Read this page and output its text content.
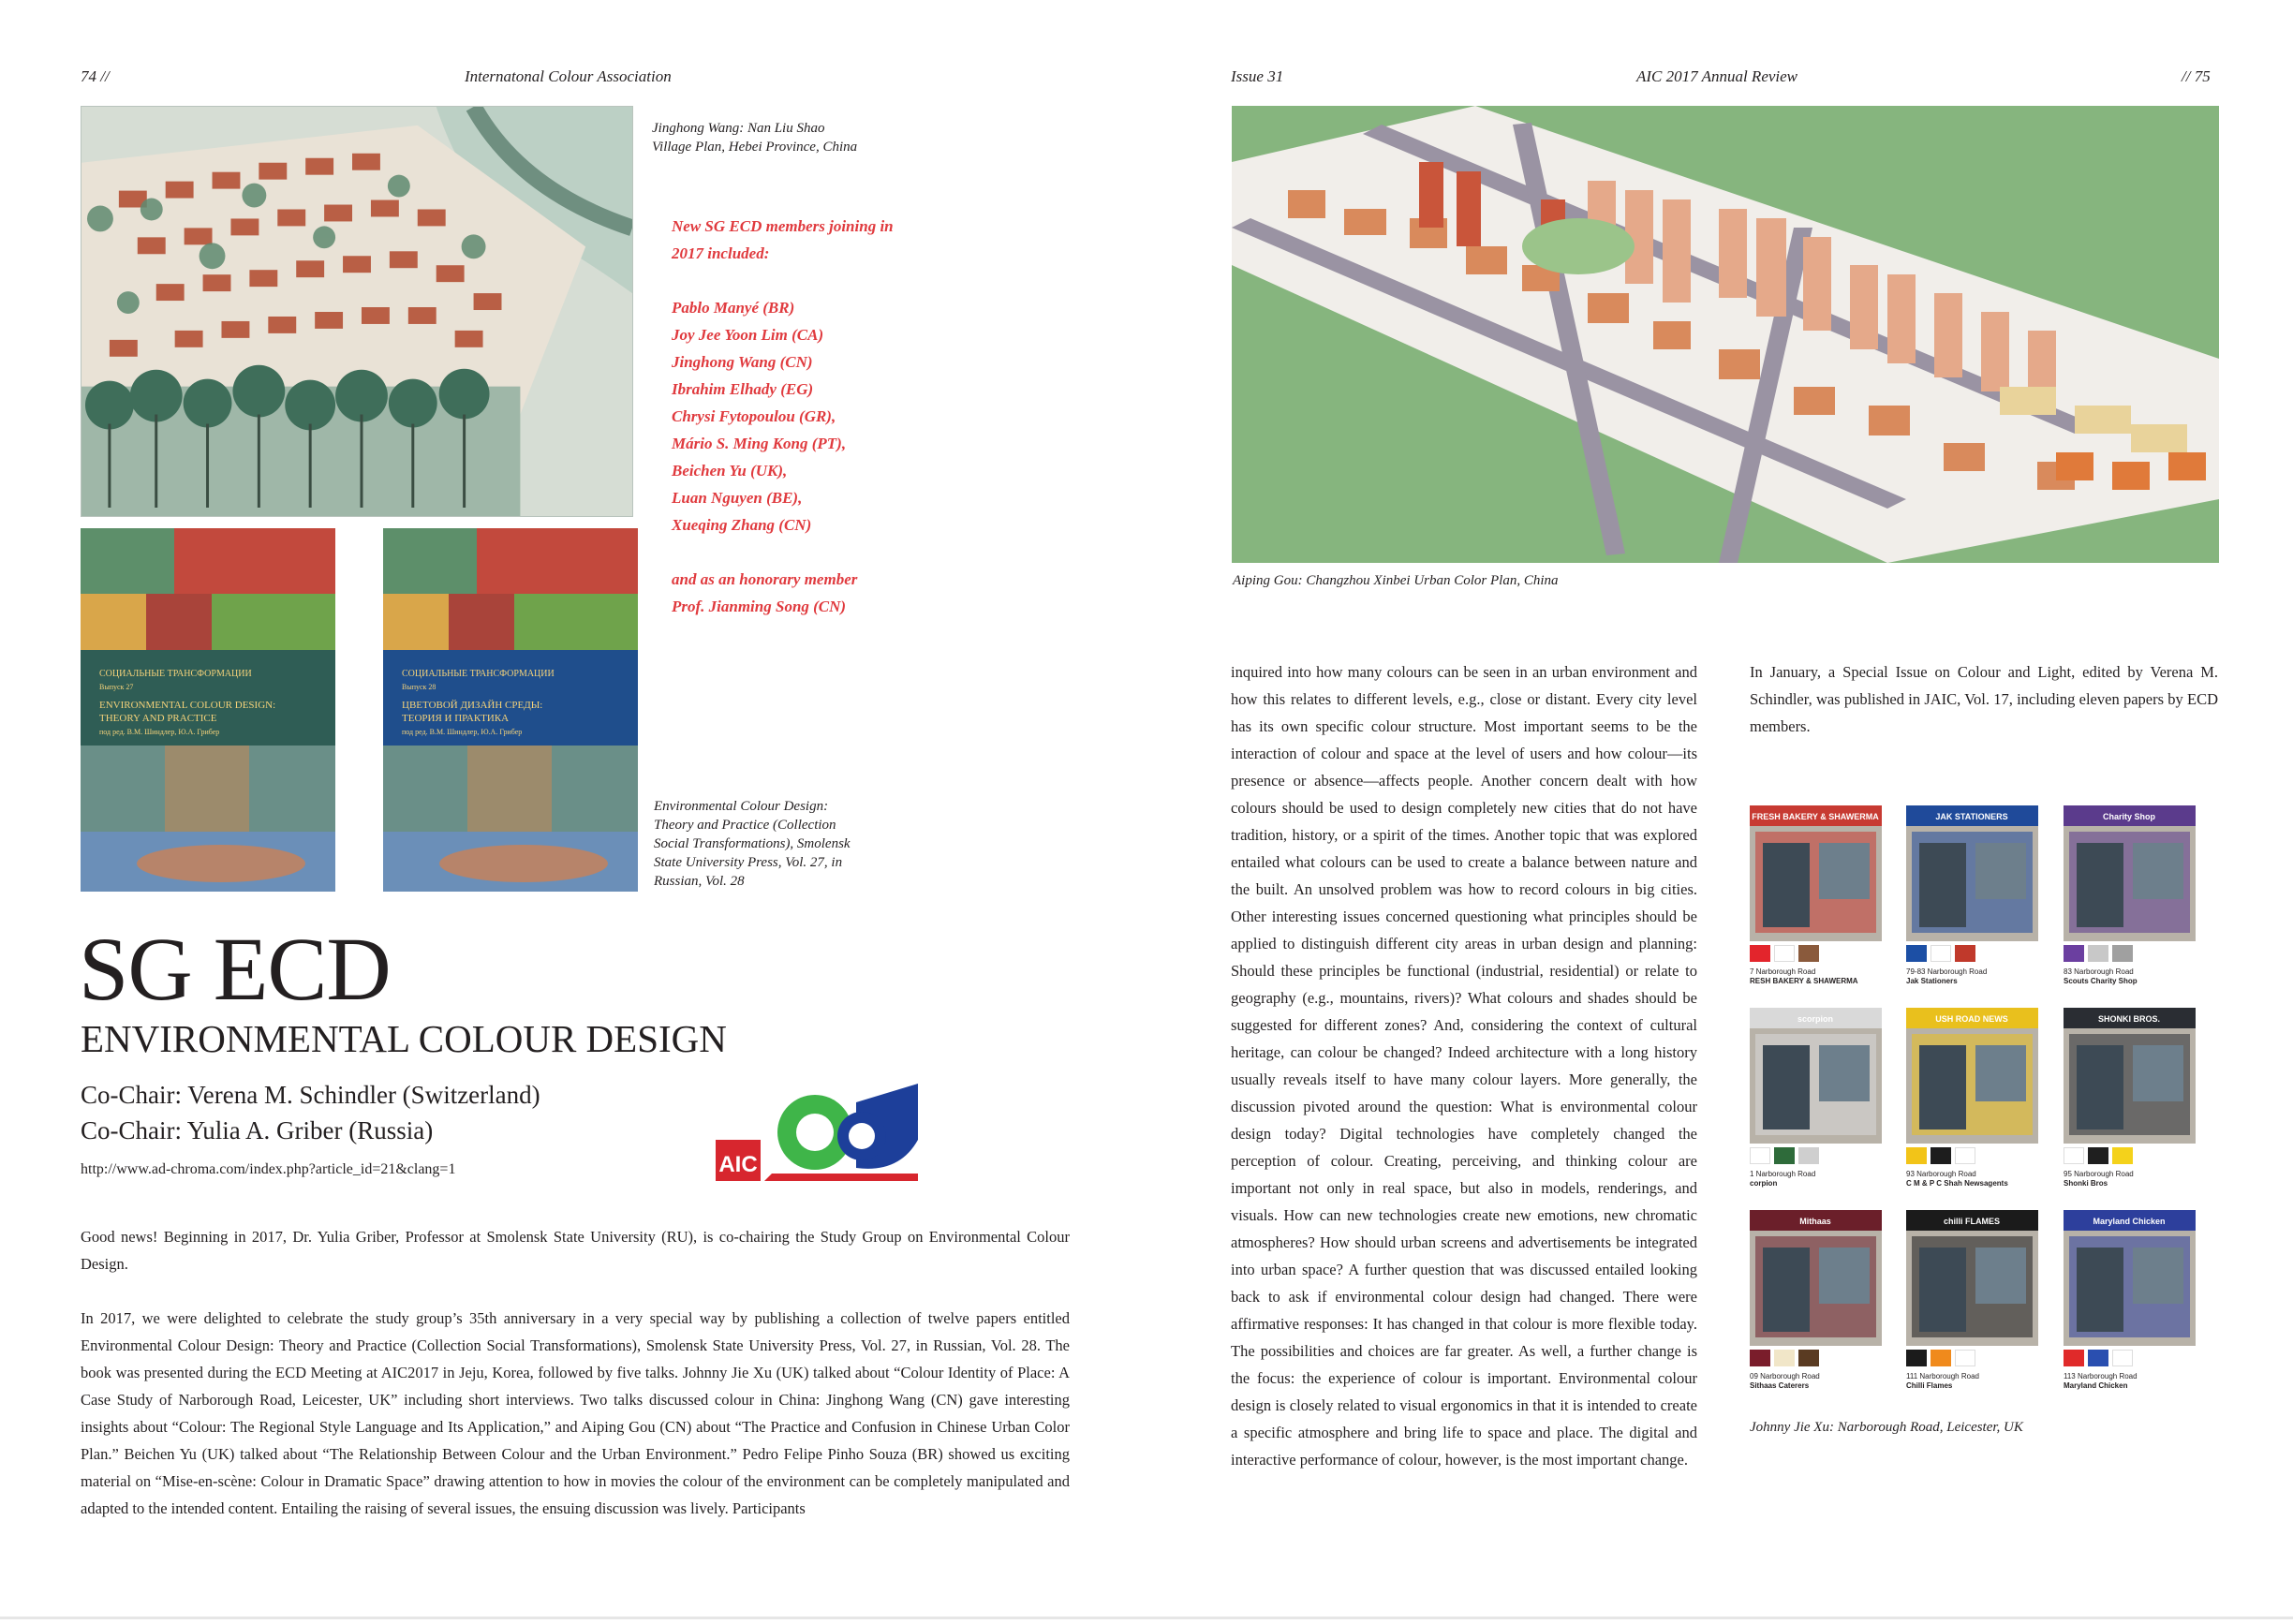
74 //	Internatonal Colour Association	Issue 31	AIC 2017 Annual Review	// 75
Jinghong Wang: Nan Liu Shao Village Plan, Hebei Province, China
New SG ECD members joining in 2017 included:
Pablo Manyé (BR)
Joy Jee Yoon Lim (CA)
Jinghong Wang (CN)
Ibrahim Elhady (EG)
Chrysi Fytopoulou (GR),
Mário S. Ming Kong (PT),
Beichen Yu (UK),
Luan Nguyen (BE),
Xueqing Zhang (CN)
and as an honorary member
Prof. Jianming Song (CN)
СОЦИАЛЬНЫЕ ТРАНСФОРМАЦИИ
Выпуск 27
ENVIRONMENTAL COLOUR DESIGN:
THEORY AND PRACTICE
под ред. В.М. Шиндлер, Ю.А. Грибер
СОЦИАЛЬНЫЕ ТРАНСФОРМАЦИИ
Выпуск 28
ЦВЕТОВОЙ ДИЗАЙН СРЕДЫ:
ТЕОРИЯ И ПРАКТИКА
под ред. В.М. Шиндлер, Ю.А. Грибер
Environmental Colour Design: Theory and Practice (Collection Social Transformations), Smolensk State University Press, Vol. 27, in Russian, Vol. 28
SG ECD
ENVIRONMENTAL COLOUR DESIGN
Co-Chair: Verena M. Schindler (Switzerland)
Co-Chair: Yulia A. Griber (Russia)
http://www.ad-chroma.com/index.php?article_id=21&clang=1	AIC
Good news! Beginning in 2017, Dr. Yulia Griber, Professor at Smolensk State University (RU), is co-chairing the Study Group on Environmental Colour Design.
In 2017, we were delighted to celebrate the study group’s 35th anniversary in a very special way by publishing a collection of twelve papers entitled Environmental Colour Design: Theory and Practice (Collection Social Transformations), Smolensk State University Press, Vol. 27, in Russian, Vol. 28. The book was presented during the ECD Meeting at AIC2017 in Jeju, Korea, followed by five talks. Johnny Jie Xu (UK) talked about “Colour Identity of Place: A Case Study of Narborough Road, Leicester, UK” including short interviews. Two talks discussed colour in China: Jinghong Wang (CN) gave interesting insights about “Colour: The Regional Style Language and Its Application,” and Aiping Gou (CN) about “The Practice and Confusion in Chinese Urban Color Plan.” Beichen Yu (UK) talked about “The Relationship Between Colour and the Urban Environment.” Pedro Felipe Pinho Souza (BR) showed us exciting material on “Mise-en-scène: Colour in Dramatic Space” drawing attention to how in movies the colour of the environment can be completely manipulated and adapted to the intended content. Entailing the raising of several issues, the ensuing discussion was lively. Participants
Aiping Gou: Changzhou Xinbei Urban Color Plan, China
inquired into how many colours can be seen in an urban environment and how this relates to different levels, e.g., close or distant. Every city level has its own specific colour structure. Most important seems to be the interaction of colour and space at the level of users and how colour—its presence or absence—affects people. Another concern dealt with how colours should be used to design completely new cities that do not have tradition, history, or a spirit of the times. Another topic that was explored entailed what colours can be used to create a balance between nature and the built. An unsolved problem was how to record colours in big cities. Other interesting issues concerned questioning what principles should be applied to distinguish different city areas in urban design and planning: Should these principles be functional (industrial, residential) or relate to geography (e.g., mountains, rivers)? What colours and shades should be suggested for different zones? And, considering the context of cultural heritage, can colour be changed? Indeed architecture with a long history usually reveals itself to have many colour layers. More generally, the discussion pivoted around the question: What is environmental colour design today? Digital technologies have completely changed the perception of colour. Creating, perceiving, and thinking colour are important not only in real space, but also in models, renderings, and visuals. How can new technologies create new emotions, new chromatic atmospheres? How should urban screens and advertisements be integrated into urban space? A further question that was discussed entailed looking back to ask if environmental colour design had changed. There were affirmative responses: It has changed in that colour is more flexible today. The possibilities and choices are far greater. As well, a further change is the focus: the experience of colour is important. Environmental colour design is closely related to visual ergonomics in that it is intended to create a specific atmosphere and bring life to space and place. The digital and interactive performance of colour, however, is the most important change.
In January, a Special Issue on Colour and Light, edited by Verena M. Schindler, was published in JAIC, Vol. 17, including eleven papers by ECD members.
FRESH BAKERY & SHAWERMA
7 Narborough Road
RESH BAKERY & SHAWERMA
JAK STATIONERS
79-83 Narborough Road
Jak Stationers
Charity Shop
83 Narborough Road
Scouts Charity Shop
scorpion
1 Narborough Road
corpion
USH ROAD NEWS
93 Narborough Road
C M & P C Shah Newsagents
SHONKI BROS.
95 Narborough Road
Shonki Bros
Mithaas
09 Narborough Road
Sithaas Caterers
chilli FLAMES
111 Narborough Road
Chilli Flames
Maryland Chicken
113 Narborough Road
Maryland Chicken
Johnny Jie Xu: Narborough Road, Leicester, UK
